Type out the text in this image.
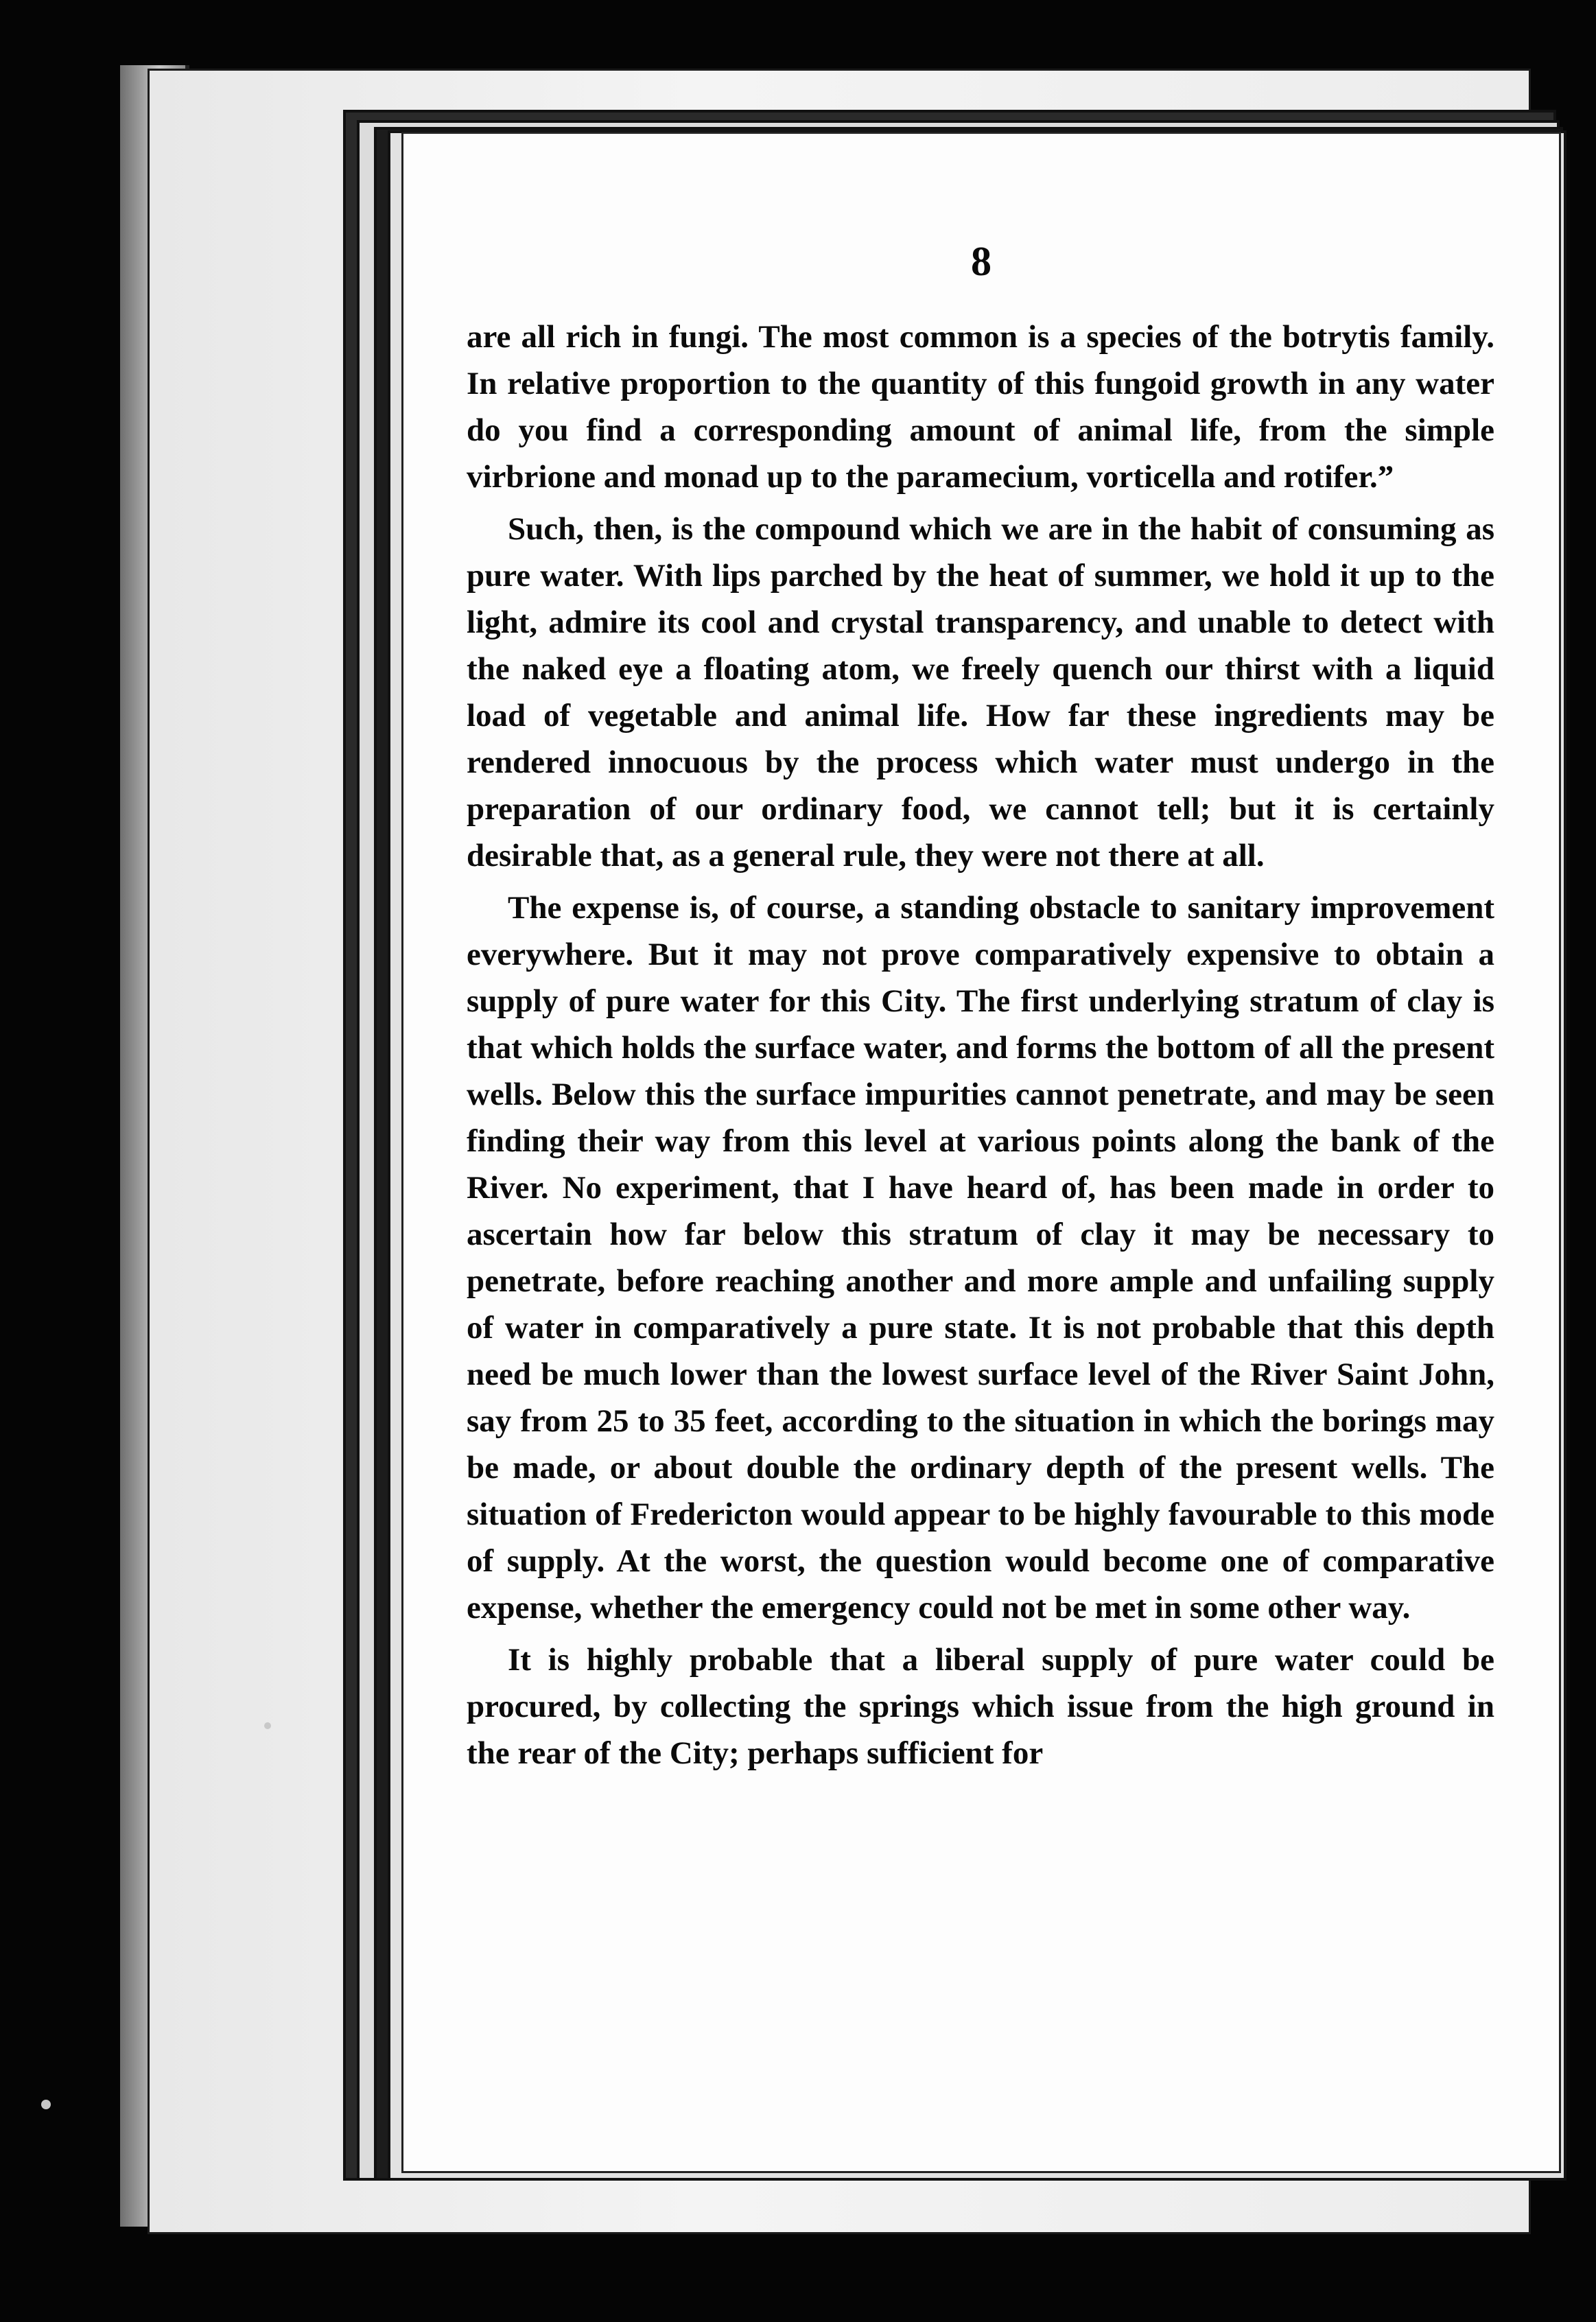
8

are all rich in fungi. The most common is a species of the botrytis family. In relative proportion to the quantity of this fungoid growth in any water do you find a corresponding amount of animal life, from the simple virbrione and monad up to the paramecium, vorticella and rotifer.”

Such, then, is the compound which we are in the habit of consuming as pure water. With lips parched by the heat of summer, we hold it up to the light, admire its cool and crystal transparency, and unable to detect with the naked eye a floating atom, we freely quench our thirst with a liquid load of vegetable and animal life. How far these ingredients may be rendered innocuous by the process which water must undergo in the preparation of our ordinary food, we cannot tell; but it is certainly desirable that, as a general rule, they were not there at all.

The expense is, of course, a standing obstacle to sanitary improvement everywhere. But it may not prove comparatively expensive to obtain a supply of pure water for this City. The first underlying stratum of clay is that which holds the surface water, and forms the bottom of all the present wells. Below this the surface impurities cannot penetrate, and may be seen finding their way from this level at various points along the bank of the River. No experiment, that I have heard of, has been made in order to ascertain how far below this stratum of clay it may be necessary to penetrate, before reaching another and more ample and unfailing supply of water in comparatively a pure state. It is not probable that this depth need be much lower than the lowest surface level of the River Saint John, say from 25 to 35 feet, according to the situation in which the borings may be made, or about double the ordinary depth of the present wells. The situation of Fredericton would appear to be highly favourable to this mode of supply. At the worst, the question would become one of comparative expense, whether the emergency could not be met in some other way.

It is highly probable that a liberal supply of pure water could be procured, by collecting the springs which issue from the high ground in the rear of the City; perhaps sufficient for
